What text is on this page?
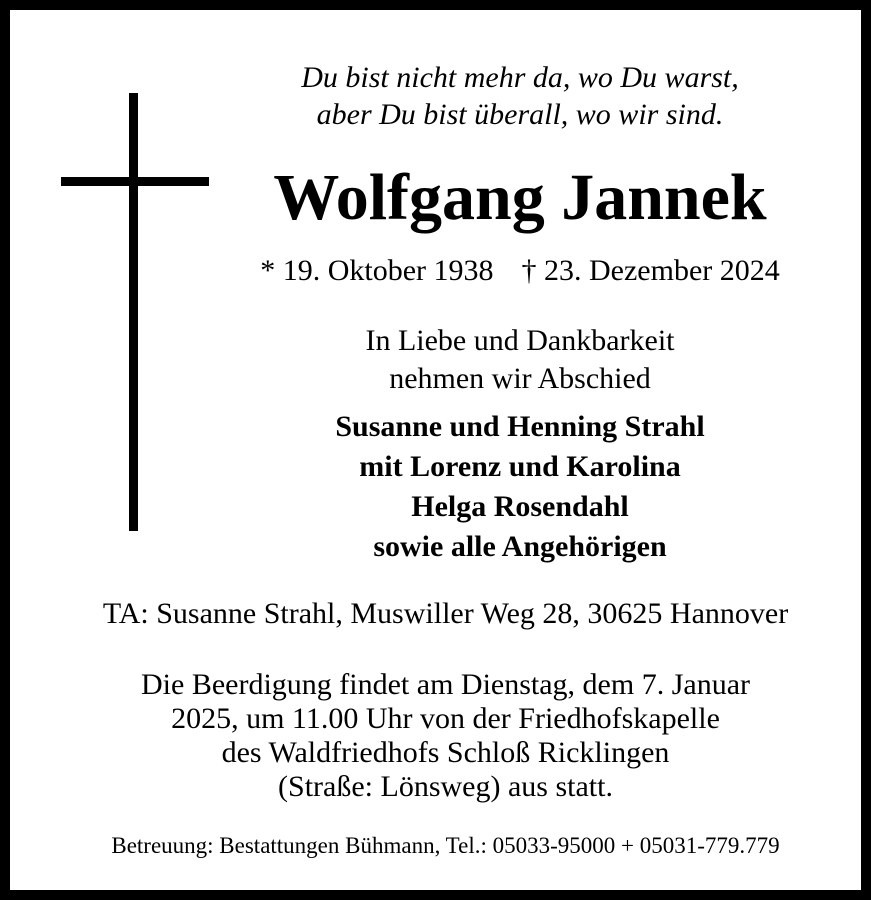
Du bist nicht mehr da, wo Du warst,
aber Du bist überall, wo wir sind.
Wolfgang Jannek
* 19. Oktober 1938 † 23. Dezember 2024
In Liebe und Dankbarkeit
nehmen wir Abschied
Susanne und Henning Strahl
mit Lorenz und Karolina
Helga Rosendahl
sowie alle Angehörigen
TA: Susanne Strahl, Muswiller Weg 28, 30625 Hannover
Die Beerdigung findet am Dienstag, dem 7. Januar
2025, um 11.00 Uhr von der Friedhofskapelle
des Waldfriedhofs Schloß Ricklingen
(Straße: Lönsweg) aus statt.
Betreuung: Bestattungen Bühmann, Tel.: 05033-95000 + 05031-779.779
